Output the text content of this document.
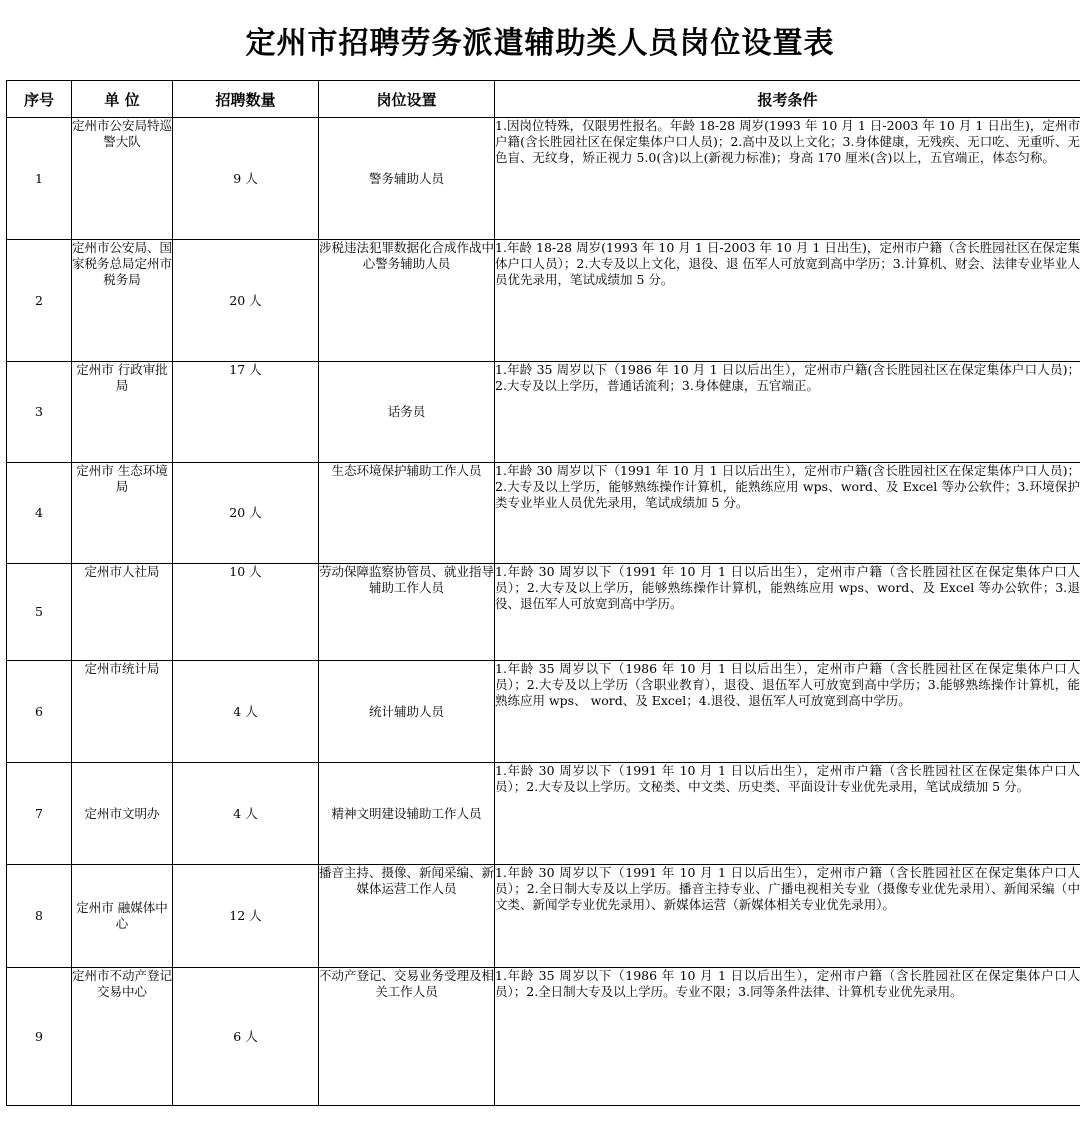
定州市招聘劳务派遣辅助类人员岗位设置表
序号	单 位	招聘数量	岗位设置	报考条件
1	定州市公安局特巡警大队	9 人	警务辅助人员	1.因岗位特殊，仅限男性报名。年龄 18-28 周岁(1993 年 10 月 1 日-2003 年 10 月 1 日出生)，定州市户籍(含长胜园社区在保定集体户口人员)；2.高中及以上文化；3.身体健康，无残疾、无口吃、无重听、无色盲、无纹身，矫正视力 5.0(含)以上(新视力标准)；身高 170 厘米(含)以上，五官端正，体态匀称。
2	定州市公安局、国家税务总局定州市税务局	20 人	涉税违法犯罪数据化合成作战中心警务辅助人员	1.年龄 18-28 周岁(1993 年 10 月 1 日-2003 年 10 月 1 日出生)，定州市户籍（含长胜园社区在保定集体户口人员）；2.大专及以上文化，退役、退 伍军人可放宽到高中学历；3.计算机、财会、法律专业毕业人员优先录用，笔试成绩加 5 分。
3	定州市 行政审批局	17 人	话务员	1.年龄 35 周岁以下（1986 年 10 月 1 日以后出生），定州市户籍(含长胜园社区在保定集体户口人员)；2.大专及以上学历，普通话流利；3.身体健康，五官端正。
4	定州市 生态环境局	20 人	生态环境保护辅助工作人员	1.年龄 30 周岁以下（1991 年 10 月 1 日以后出生），定州市户籍(含长胜园社区在保定集体户口人员)；2.大专及以上学历，能够熟练操作计算机，能熟练应用 wps、word、及 Excel 等办公软件；3.环境保护类专业毕业人员优先录用，笔试成绩加 5 分。
5	定州市人社局	10 人	劳动保障监察协管员、就业指导辅助工作人员	1.年龄 30 周岁以下（1991 年 10 月 1 日以后出生），定州市户籍（含长胜园社区在保定集体户口人员）；2.大专及以上学历，能够熟练操作计算机，能熟练应用 wps、word、及 Excel 等办公软件；3.退役、退伍军人可放宽到高中学历。
6	定州市统计局	4 人	统计辅助人员	1.年龄 35 周岁以下（1986 年 10 月 1 日以后出生），定州市户籍（含长胜园社区在保定集体户口人员）；2.大专及以上学历（含职业教育），退役、退伍军人可放宽到高中学历；3.能够熟练操作计算机，能熟练应用 wps、 word、及 Excel；4.退役、退伍军人可放宽到高中学历。
7	定州市文明办	4 人	精神文明建设辅助工作人员	1.年龄 30 周岁以下（1991 年 10 月 1 日以后出生），定州市户籍（含长胜园社区在保定集体户口人员）；2.大专及以上学历。文秘类、中文类、历史类、平面设计专业优先录用，笔试成绩加 5 分。
8	定州市 融媒体中心	12 人	播音主持、摄像、新闻采编、新媒体运营工作人员	1.年龄 30 周岁以下（1991 年 10 月 1 日以后出生），定州市户籍（含长胜园社区在保定集体户口人员）；2.全日制大专及以上学历。播音主持专业、广播电视相关专业（摄像专业优先录用）、新闻采编（中文类、新闻学专业优先录用）、新媒体运营（新媒体相关专业优先录用）。
9	定州市不动产登记交易中心	6 人	不动产登记、交易业务受理及相关工作人员	1.年龄 35 周岁以下（1986 年 10 月 1 日以后出生），定州市户籍（含长胜园社区在保定集体户口人员）；2.全日制大专及以上学历。专业不限；3.同等条件法律、计算机专业优先录用。
